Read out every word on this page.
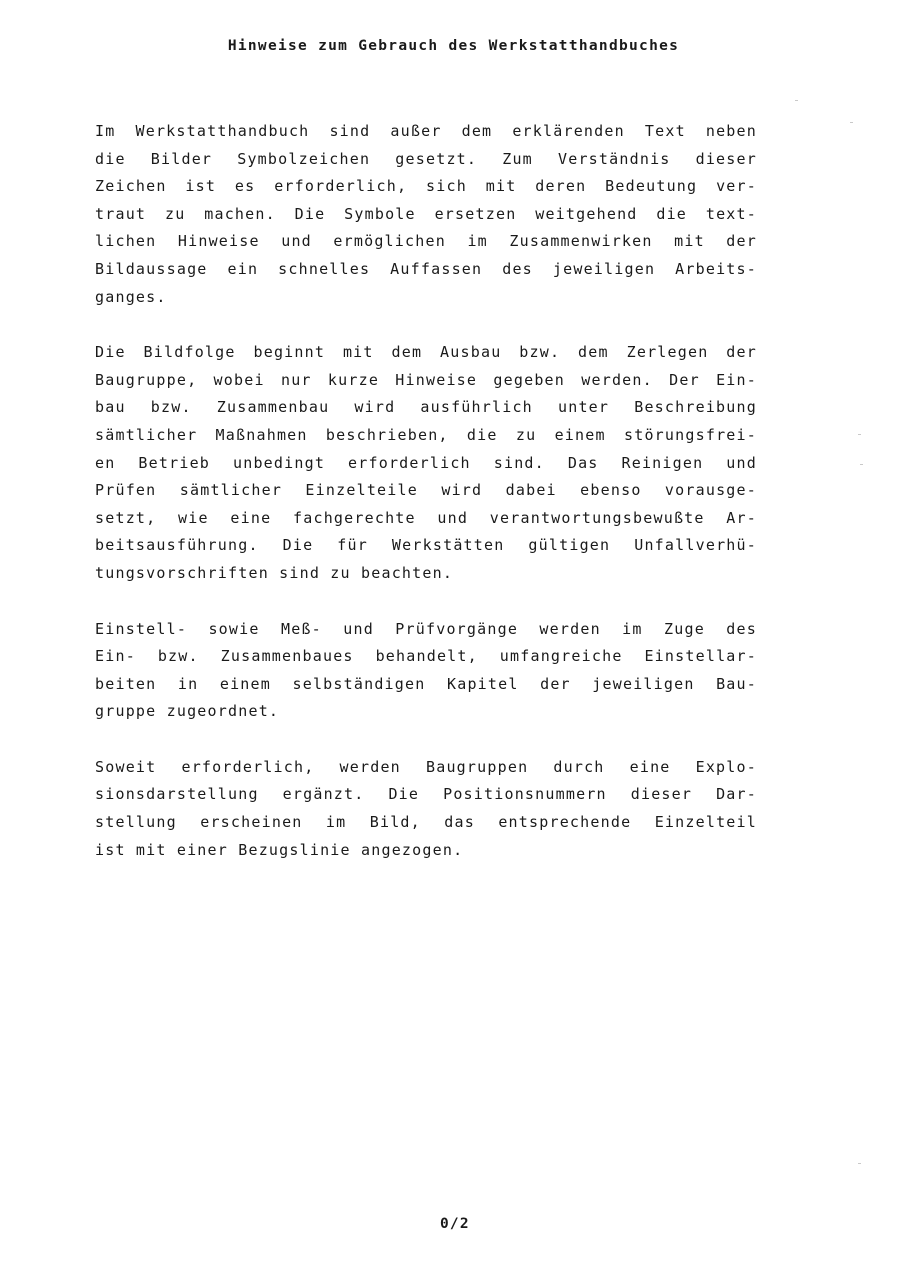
Hinweise zum Gebrauch des Werkstatthandbuches
Im Werkstatthandbuch sind außer dem erklärenden Text neben
die Bilder Symbolzeichen gesetzt. Zum Verständnis dieser
Zeichen ist es erforderlich, sich mit deren Bedeutung ver-
traut zu machen. Die Symbole ersetzen weitgehend die text-
lichen Hinweise und ermöglichen im Zusammenwirken mit der
Bildaussage ein schnelles Auffassen des jeweiligen Arbeits-
ganges.
Die Bildfolge beginnt mit dem Ausbau bzw. dem Zerlegen der
Baugruppe, wobei nur kurze Hinweise gegeben werden. Der Ein-
bau bzw. Zusammenbau wird ausführlich unter Beschreibung
sämtlicher Maßnahmen beschrieben, die zu einem störungsfrei-
en Betrieb unbedingt erforderlich sind. Das Reinigen und
Prüfen sämtlicher Einzelteile wird dabei ebenso vorausge-
setzt, wie eine fachgerechte und verantwortungsbewußte Ar-
beitsausführung. Die für Werkstätten gültigen Unfallverhü-
tungsvorschriften sind zu beachten.
Einstell- sowie Meß- und Prüfvorgänge werden im Zuge des
Ein- bzw. Zusammenbaues behandelt, umfangreiche Einstellar-
beiten in einem selbständigen Kapitel der jeweiligen Bau-
gruppe zugeordnet.
Soweit erforderlich, werden Baugruppen durch eine Explo-
sionsdarstellung ergänzt. Die Positionsnummern dieser Dar-
stellung erscheinen im Bild, das entsprechende Einzelteil
ist mit einer Bezugslinie angezogen.
0/2
